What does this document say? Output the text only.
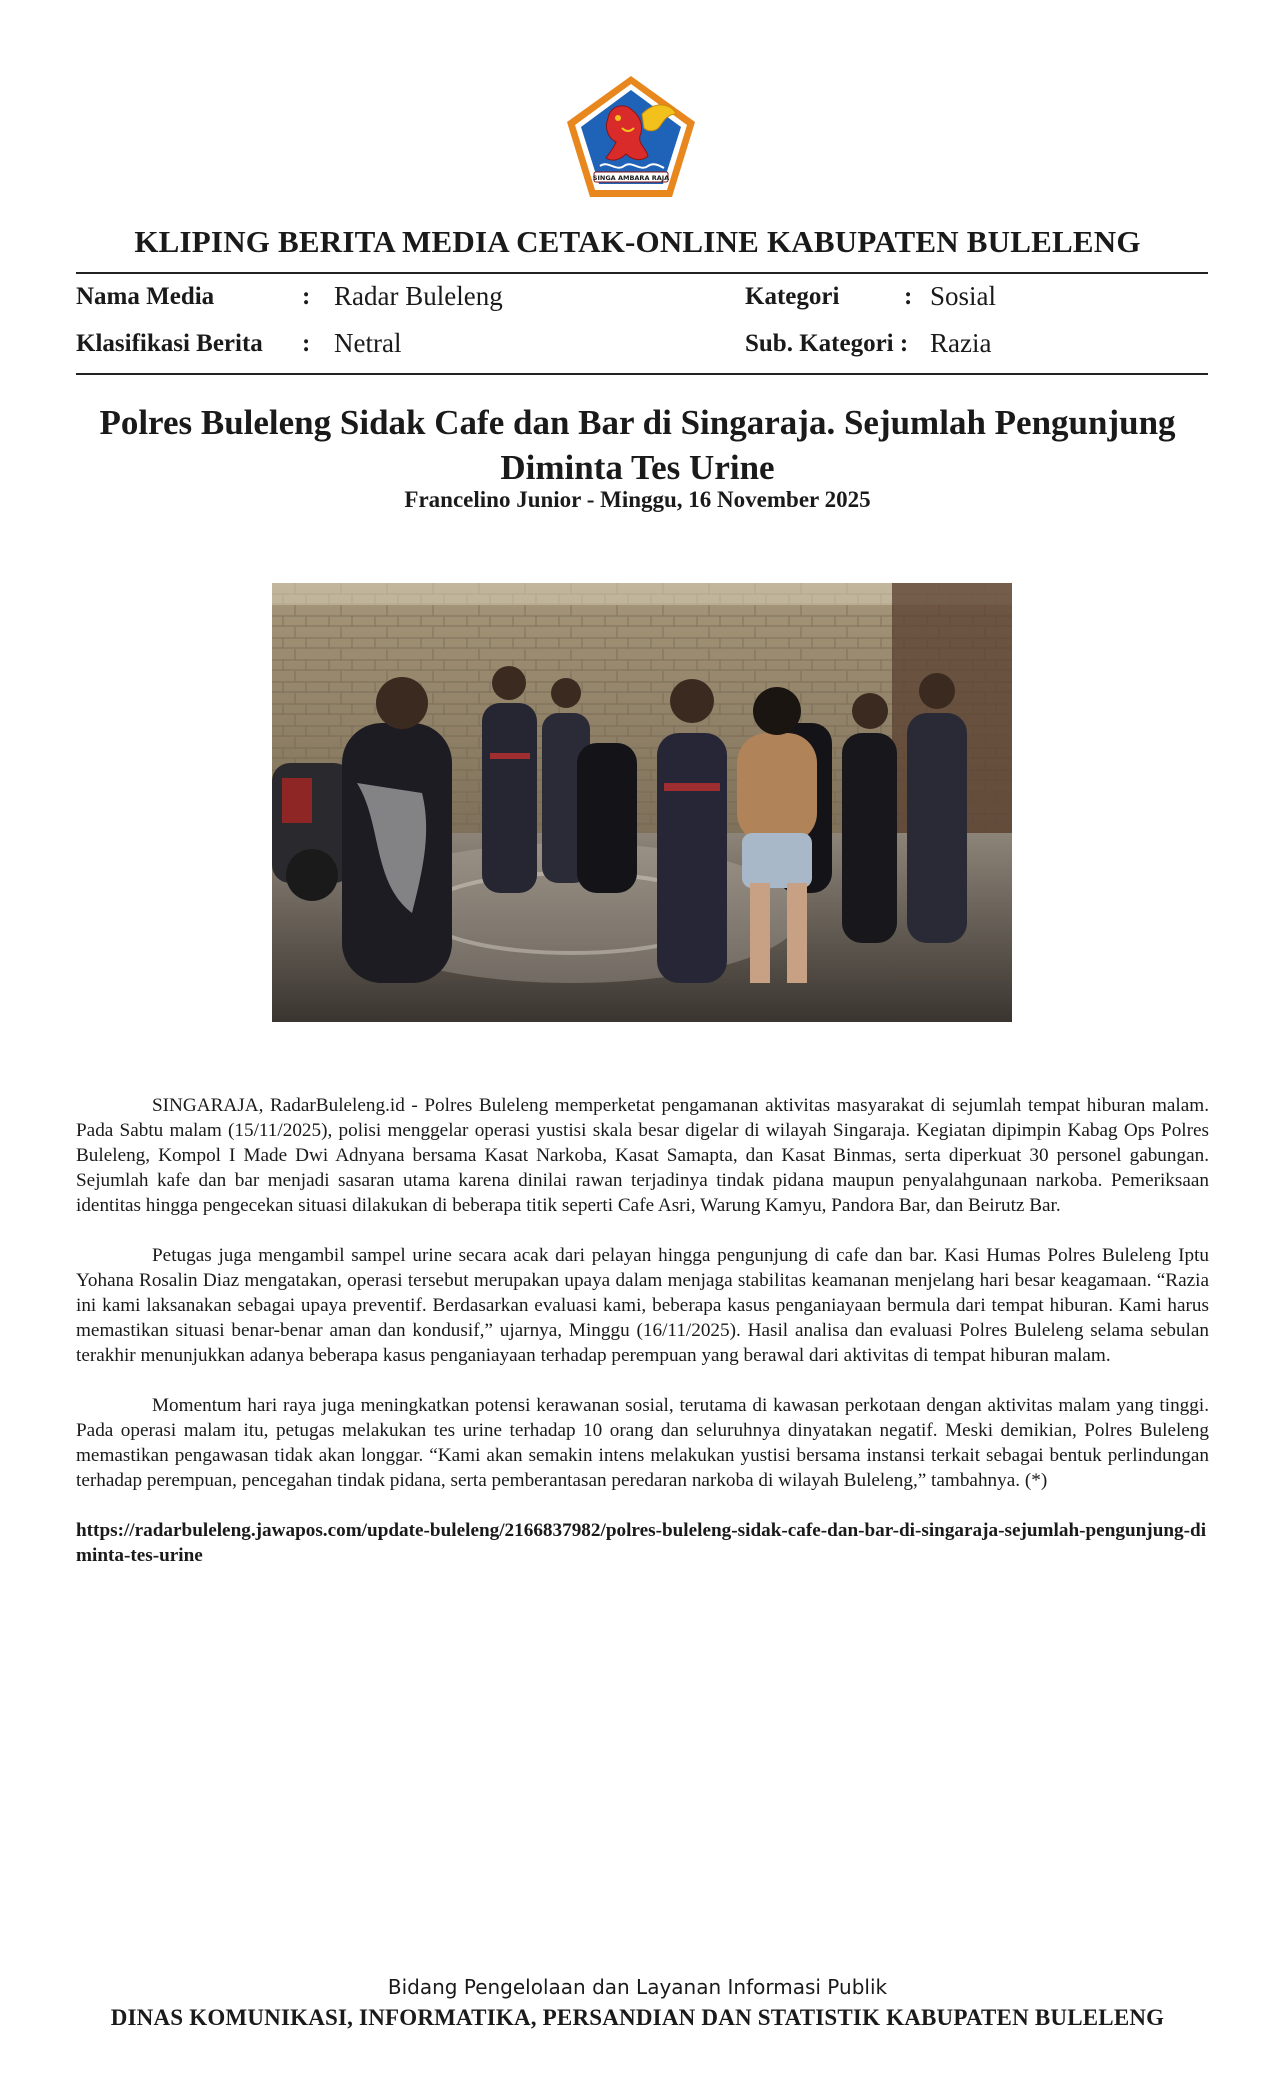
SINGA AMBARA RAJA
KLIPING BERITA MEDIA CETAK-ONLINE KABUPATEN BULELENG
Nama Media	: Radar Buleleng	Kategori	: Sosial
Klasifikasi Berita : Netral	Sub. Kategori : Razia
Polres Buleleng Sidak Cafe dan Bar di Singaraja. Sejumlah Pengunjung Diminta Tes Urine
Francelino Junior - Minggu, 16 November 2025

SINGARAJA, RadarBuleleng.id - Polres Buleleng memperketat pengamanan aktivitas masyarakat di sejumlah tempat hiburan malam. Pada Sabtu malam (15/11/2025), polisi menggelar operasi yustisi skala besar digelar di wilayah Singaraja. Kegiatan dipimpin Kabag Ops Polres Buleleng, Kompol I Made Dwi Adnyana bersama Kasat Narkoba, Kasat Samapta, dan Kasat Binmas, serta diperkuat 30 personel gabungan. Sejumlah kafe dan bar menjadi sasaran utama karena dinilai rawan terjadinya tindak pidana maupun penyalahgunaan narkoba. Pemeriksaan identitas hingga pengecekan situasi dilakukan di beberapa titik seperti Cafe Asri, Warung Kamyu, Pandora Bar, dan Beirutz Bar.

Petugas juga mengambil sampel urine secara acak dari pelayan hingga pengunjung di cafe dan bar. Kasi Humas Polres Buleleng Iptu Yohana Rosalin Diaz mengatakan, operasi tersebut merupakan upaya dalam menjaga stabilitas keamanan menjelang hari besar keagamaan. “Razia ini kami laksanakan sebagai upaya preventif. Berdasarkan evaluasi kami, beberapa kasus penganiayaan bermula dari tempat hiburan. Kami harus memastikan situasi benar-benar aman dan kondusif,” ujarnya, Minggu (16/11/2025). Hasil analisa dan evaluasi Polres Buleleng selama sebulan terakhir menunjukkan adanya beberapa kasus penganiayaan terhadap perempuan yang berawal dari aktivitas di tempat hiburan malam.

Momentum hari raya juga meningkatkan potensi kerawanan sosial, terutama di kawasan perkotaan dengan aktivitas malam yang tinggi. Pada operasi malam itu, petugas melakukan tes urine terhadap 10 orang dan seluruhnya dinyatakan negatif. Meski demikian, Polres Buleleng memastikan pengawasan tidak akan longgar. “Kami akan semakin intens melakukan yustisi bersama instansi terkait sebagai bentuk perlindungan terhadap perempuan, pencegahan tindak pidana, serta pemberantasan peredaran narkoba di wilayah Buleleng,” tambahnya. (*)

https://radarbuleleng.jawapos.com/update-buleleng/2166837982/polres-buleleng-sidak-cafe-dan-bar-di-singaraja-sejumlah-pengunjung-diminta-tes-urine

Bidang Pengelolaan dan Layanan Informasi Publik
DINAS KOMUNIKASI, INFORMATIKA, PERSANDIAN DAN STATISTIK KABUPATEN BULELENG
